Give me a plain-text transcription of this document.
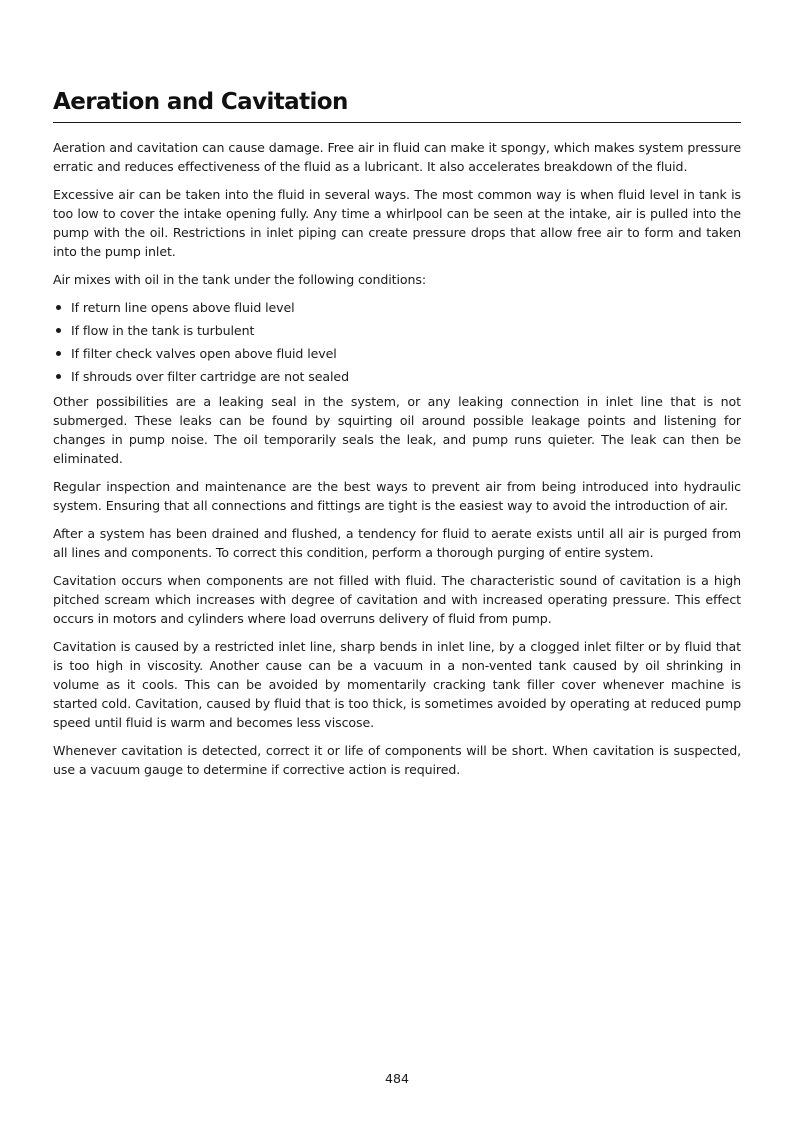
Aeration and Cavitation

Aeration and cavitation can cause damage. Free air in fluid can make it spongy, which makes system pressure erratic and reduces effectiveness of the fluid as a lubricant. It also accelerates breakdown of the fluid.

Excessive air can be taken into the fluid in several ways. The most common way is when fluid level in tank is too low to cover the intake opening fully. Any time a whirlpool can be seen at the intake, air is pulled into the pump with the oil. Restrictions in inlet piping can create pressure drops that allow free air to form and taken into the pump inlet.

Air mixes with oil in the tank under the following conditions:

If return line opens above fluid level
If flow in the tank is turbulent
If filter check valves open above fluid level
If shrouds over filter cartridge are not sealed

Other possibilities are a leaking seal in the system, or any leaking connection in inlet line that is not submerged. These leaks can be found by squirting oil around possible leakage points and listening for changes in pump noise. The oil temporarily seals the leak, and pump runs quieter. The leak can then be eliminated.

Regular inspection and maintenance are the best ways to prevent air from being introduced into hydraulic system. Ensuring that all connections and fittings are tight is the easiest way to avoid the introduction of air.

After a system has been drained and flushed, a tendency for fluid to aerate exists until all air is purged from all lines and components. To correct this condition, perform a thorough purging of entire system.

Cavitation occurs when components are not filled with fluid. The characteristic sound of cavitation is a high pitched scream which increases with degree of cavitation and with increased operating pressure. This effect occurs in motors and cylinders where load overruns delivery of fluid from pump.

Cavitation is caused by a restricted inlet line, sharp bends in inlet line, by a clogged inlet filter or by fluid that is too high in viscosity. Another cause can be a vacuum in a non-vented tank caused by oil shrinking in volume as it cools. This can be avoided by momentarily cracking tank filler cover whenever machine is started cold. Cavitation, caused by fluid that is too thick, is sometimes avoided by operating at reduced pump speed until fluid is warm and becomes less viscose.

Whenever cavitation is detected, correct it or life of components will be short. When cavitation is suspected, use a vacuum gauge to determine if corrective action is required.

484
